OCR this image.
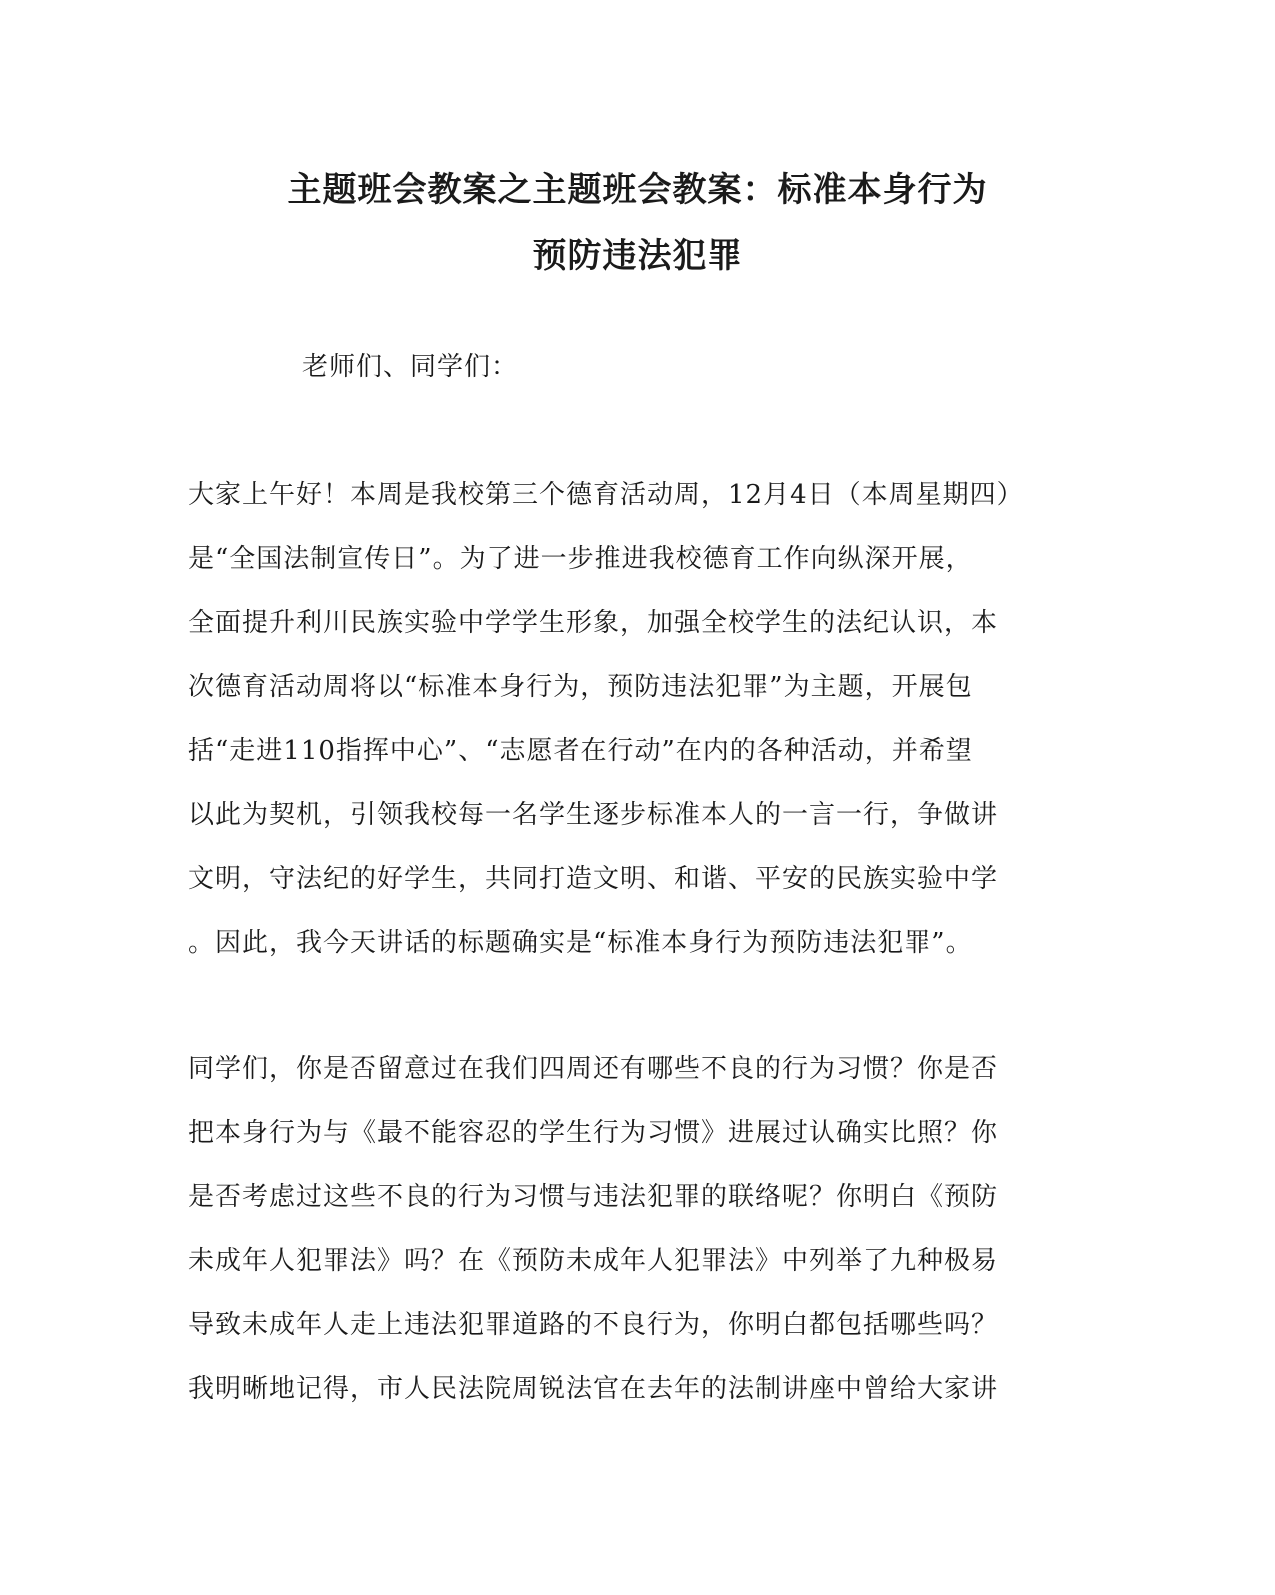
主题班会教案之主题班会教案：标准本身行为
预防违法犯罪
老师们、同学们：
大家上午好！本周是我校第三个德育活动周，12月4日（本周星期四）
是“全国法制宣传日”。为了进一步推进我校德育工作向纵深开展，
全面提升利川民族实验中学学生形象，加强全校学生的法纪认识，本
次德育活动周将以“标准本身行为，预防违法犯罪”为主题，开展包
括“走进110指挥中心”、“志愿者在行动”在内的各种活动，并希望
以此为契机，引领我校每一名学生逐步标准本人的一言一行，争做讲
文明，守法纪的好学生，共同打造文明、和谐、平安的民族实验中学
。因此，我今天讲话的标题确实是“标准本身行为预防违法犯罪”。
同学们，你是否留意过在我们四周还有哪些不良的行为习惯？你是否
把本身行为与《最不能容忍的学生行为习惯》进展过认确实比照？你
是否考虑过这些不良的行为习惯与违法犯罪的联络呢？你明白《预防
未成年人犯罪法》吗？在《预防未成年人犯罪法》中列举了九种极易
导致未成年人走上违法犯罪道路的不良行为，你明白都包括哪些吗？
我明晰地记得，市人民法院周锐法官在去年的法制讲座中曾给大家讲
